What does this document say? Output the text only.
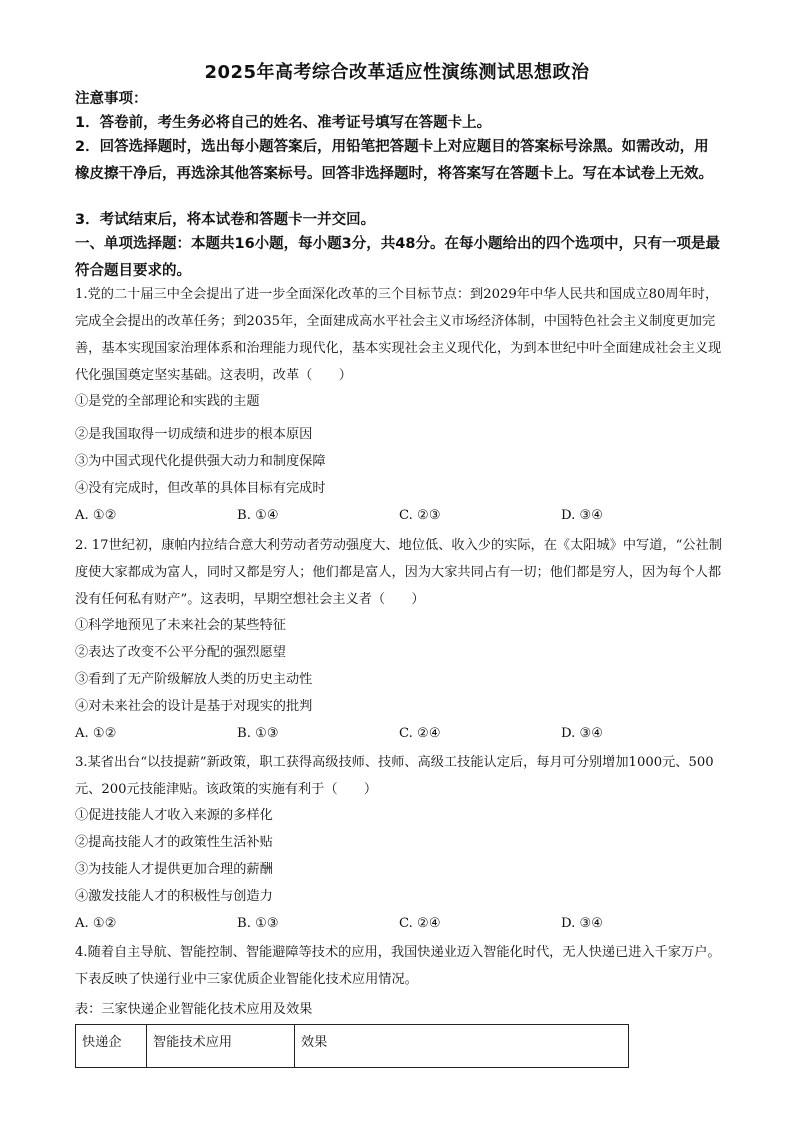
2025年高考综合改革适应性演练测试思想政治
注意事项：
1．答卷前，考生务必将自己的姓名、准考证号填写在答题卡上。
2．回答选择题时，选出每小题答案后，用铅笔把答题卡上对应题目的答案标号涂黑。如需改动，用橡皮擦干净后，再选涂其他答案标号。回答非选择题时，将答案写在答题卡上。写在本试卷上无效。
3．考试结束后，将本试卷和答题卡一并交回。
一、单项选择题：本题共16小题，每小题3分，共48分。在每小题给出的四个选项中，只有一项是最符合题目要求的。
1.党的二十届三中全会提出了进一步全面深化改革的三个目标节点：到2029年中华人民共和国成立80周年时，完成全会提出的改革任务；到2035年，全面建成高水平社会主义市场经济体制，中国特色社会主义制度更加完善，基本实现国家治理体系和治理能力现代化，基本实现社会主义现代化，为到本世纪中叶全面建成社会主义现代化强国奠定坚实基础。这表明，改革（　　）
①是党的全部理论和实践的主题
②是我国取得一切成绩和进步的根本原因
③为中国式现代化提供强大动力和制度保障
④没有完成时，但改革的具体目标有完成时
A. ①②	B. ①④	C. ②③	D. ③④
2. 17世纪初，康帕内拉结合意大利劳动者劳动强度大、地位低、收入少的实际，在《太阳城》中写道，“公社制度使大家都成为富人，同时又都是穷人；他们都是富人，因为大家共同占有一切；他们都是穷人，因为每个人都没有任何私有财产”。这表明，早期空想社会主义者（　　）
①科学地预见了未来社会的某些特征
②表达了改变不公平分配的强烈愿望
③看到了无产阶级解放人类的历史主动性
④对未来社会的设计是基于对现实的批判
A. ①②	B. ①③	C. ②④	D. ③④
3.某省出台“以技提薪”新政策，职工获得高级技师、技师、高级工技能认定后，每月可分别增加1000元、500元、200元技能津贴。该政策的实施有利于（　　）
①促进技能人才收入来源的多样化
②提高技能人才的政策性生活补贴
③为技能人才提供更加合理的薪酬
④激发技能人才的积极性与创造力
A. ①②	B. ①③	C. ②④	D. ③④
4.随着自主导航、智能控制、智能避障等技术的应用，我国快递业迈入智能化时代，无人快递已进入千家万户。下表反映了快递行业中三家优质企业智能化技术应用情况。
表：三家快递企业智能化技术应用及效果
快递企	智能技术应用	效果
